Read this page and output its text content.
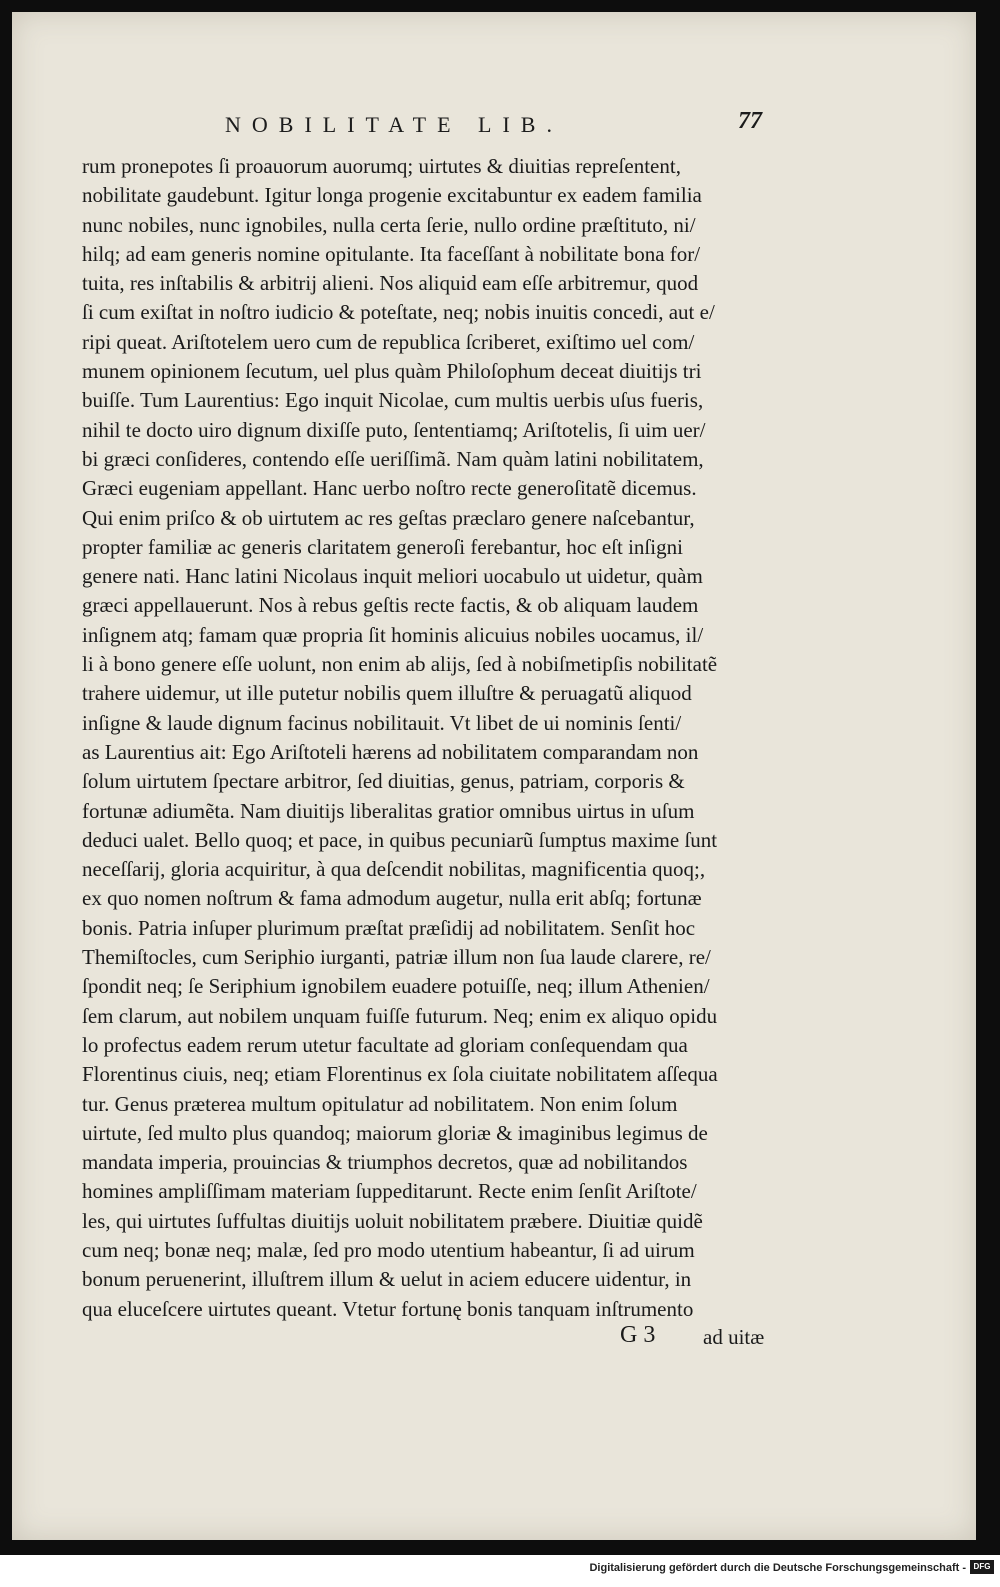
NOBILITATE LIB.	77
rum pronepotes ſi proauorum auorumq; uirtutes & diuitias repreſentent,
nobilitate gaudebunt. Igitur longa progenie excitabuntur ex eadem familia
nunc nobiles, nunc ignobiles, nulla certa ſerie, nullo ordine præſtituto, ni/
hilq; ad eam generis nomine opitulante. Ita faceſſant à nobilitate bona for/
tuita, res inſtabilis & arbitrij alieni. Nos aliquid eam eſſe arbitremur, quod
ſi cum exiſtat in noſtro iudicio & poteſtate, neq; nobis inuitis concedi, aut e/
ripi queat. Ariſtotelem uero cum de republica ſcriberet, exiſtimo uel com/
munem opinionem ſecutum, uel plus quàm Philoſophum deceat diuitijs tri
buiſſe. Tum Laurentius: Ego inquit Nicolae, cum multis uerbis uſus fueris,
nihil te docto uiro dignum dixiſſe puto, ſententiamq; Ariſtotelis, ſi uim uer/
bi græci conſideres, contendo eſſe ueriſſimã. Nam quàm latini nobilitatem,
Græci eugeniam appellant. Hanc uerbo noſtro recte generoſitatẽ dicemus.
Qui enim priſco & ob uirtutem ac res geſtas præclaro genere naſcebantur,
propter familiæ ac generis claritatem generoſi ferebantur, hoc eſt inſigni
genere nati. Hanc latini Nicolaus inquit meliori uocabulo ut uidetur, quàm
græci appellauerunt. Nos à rebus geſtis recte factis, & ob aliquam laudem
inſignem atq; famam quæ propria ſit hominis alicuius nobiles uocamus, il/
li à bono genere eſſe uolunt, non enim ab alijs, ſed à nobiſmetipſis nobilitatẽ
trahere uidemur, ut ille putetur nobilis quem illuſtre & peruagatũ aliquod
inſigne & laude dignum facinus nobilitauit. Vt libet de ui nominis ſenti/
as Laurentius ait: Ego Ariſtoteli hærens ad nobilitatem comparandam non
ſolum uirtutem ſpectare arbitror, ſed diuitias, genus, patriam, corporis &
fortunæ adiumẽta. Nam diuitijs liberalitas gratior omnibus uirtus in uſum
deduci ualet. Bello quoq; et pace, in quibus pecuniarũ ſumptus maxime ſunt
neceſſarij, gloria acquiritur, à qua deſcendit nobilitas, magnificentia quoq;,
ex quo nomen noſtrum & fama admodum augetur, nulla erit abſq; fortunæ
bonis. Patria inſuper plurimum præſtat præſidij ad nobilitatem. Senſit hoc
Themiſtocles, cum Seriphio iurganti, patriæ illum non ſua laude clarere, re/
ſpondit neq; ſe Seriphium ignobilem euadere potuiſſe, neq; illum Athenien/
ſem clarum, aut nobilem unquam fuiſſe futurum. Neq; enim ex aliquo opidu
lo profectus eadem rerum utetur facultate ad gloriam conſequendam qua
Florentinus ciuis, neq; etiam Florentinus ex ſola ciuitate nobilitatem aſſequa
tur. Genus præterea multum opitulatur ad nobilitatem. Non enim ſolum
uirtute, ſed multo plus quandoq; maiorum gloriæ & imaginibus legimus de
mandata imperia, prouincias & triumphos decretos, quæ ad nobilitandos
homines ampliſſimam materiam ſuppeditarunt. Recte enim ſenſit Ariſtote/
les, qui uirtutes ſuffultas diuitijs uoluit nobilitatem præbere. Diuitiæ quidẽ
cum neq; bonæ neq; malæ, ſed pro modo utentium habeantur, ſi ad uirum
bonum peruenerint, illuſtrem illum & uelut in aciem educere uidentur, in
qua eluceſcere uirtutes queant. Vtetur fortunę bonis tanquam inſtrumento
G 3 ad uitæ
Digitalisierung gefördert durch die Deutsche Forschungsgemeinschaft - DFG
